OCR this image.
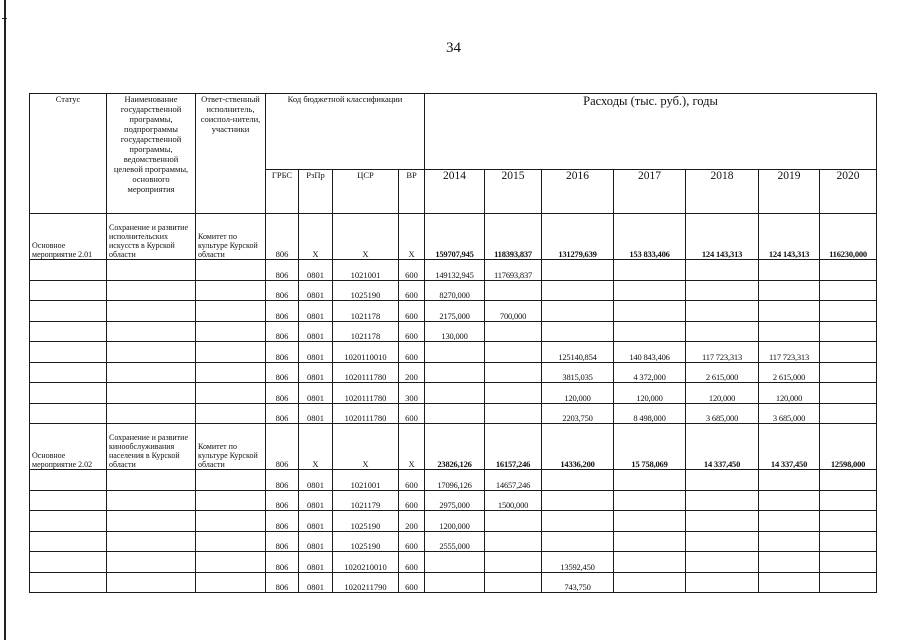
34
Статус	Наименование государственной программы, подпрограммы государственной программы, ведомственной целевой программы, основного мероприятия	Ответ-ственный исполнитель, соиспол-нители, участники	Код бюджетной классификации				Расходы (тыс. руб.), годы						
			ГРБС	РзПр	ЦСР	ВР	2014	2015	2016	2017	2018	2019	2020
Основное мероприятие 2.01	Сохранение и развитие исполнительских искусств в Курской области	Комитет по культуре Курской области	806	Х	Х	Х	159707,945	118393,837	131279,639	153 833,406	124 143,313	124 143,313	116230,000
			806	0801	1021001	600	149132,945	117693,837					
			806	0801	1025190	600	8270,000						
			806	0801	1021178	600	2175,000	700,000					
			806	0801	1021178	600	130,000						
			806	0801	1020110010	600			125140,854	140 843,406	117 723,313	117 723,313	
			806	0801	1020111780	200			3815,035	4 372,000	2 615,000	2 615,000	
			806	0801	1020111780	300			120,000	120,000	120,000	120,000	
			806	0801	1020111780	600			2203,750	8 498,000	3 685,000	3 685,000	
Основное мероприятие 2.02	Сохранение и развитие кинообслуживания населения в Курской области	Комитет по культуре Курской области	806	Х	Х	Х	23826,126	16157,246	14336,200	15 758,069	14 337,450	14 337,450	12598,000
			806	0801	1021001	600	17096,126	14657,246					
			806	0801	1021179	600	2975,000	1500,000					
			806	0801	1025190	200	1200,000						
			806	0801	1025190	600	2555,000						
			806	0801	1020210010	600			13592,450				
			806	0801	1020211790	600			743,750				
